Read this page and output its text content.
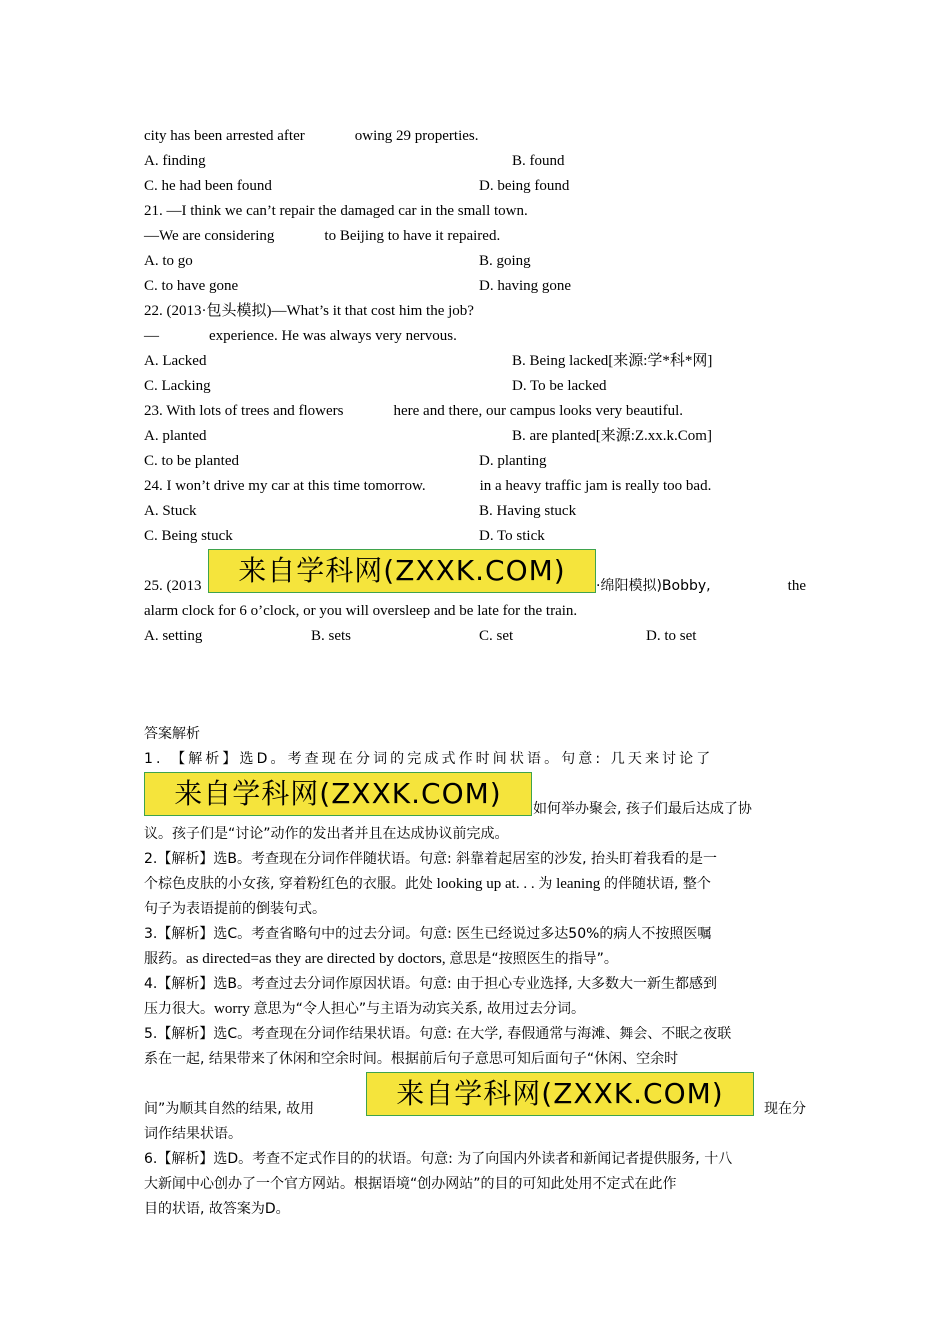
city has been arrested after	owing 29 properties.
A. finding	B. found
C. he had been found	D. being found
21. —I think we can’t repair the damaged car in the small town.
—We are considering	to Beijing to have it repaired.
A. to go	B. going
C. to have gone	D. having gone
22. (2013·包头模拟)—What’s it that cost him the job?
—	experience. He was always very nervous.
A. Lacked	B. Being lacked[来源:学*科*网]
C. Lacking	D. To be lacked
23. With lots of trees and flowers	here and there, our campus looks very beautiful.
A. planted	B. are planted[来源:Z.xx.k.Com]
C. to be planted	D. planting
24. I won’t drive my car at this time tomorrow.	in a heavy traffic jam is really too bad.
A. Stuck	B. Having stuck
C. Being stuck	D. To stick
25. (2013	来自学科网(ZXXK.COM)	·绵阳模拟)Bobby,	the
alarm clock for 6 o’clock, or you will oversleep and be late for the train.
A. setting	B. sets	C. set	D. to set
答案解析
1. 【解析】选D。考查现在分词的完成式作时间状语。句意: 几天来讨论了
来自学科网(ZXXK.COM)	如何举办聚会, 孩子们最后达成了协
议。孩子们是“讨论”动作的发出者并且在达成协议前完成。
2.【解析】选B。考查现在分词作伴随状语。句意: 斜靠着起居室的沙发, 抬头盯着我看的是一
个棕色皮肤的小女孩, 穿着粉红色的衣服。此处 looking up at. . . 为 leaning 的伴随状语, 整个
句子为表语提前的倒装句式。
3.【解析】选C。考查省略句中的过去分词。句意: 医生已经说过多达50%的病人不按照医嘱
服药。as directed=as they are directed by doctors, 意思是“按照医生的指导”。
4.【解析】选B。考查过去分词作原因状语。句意: 由于担心专业选择, 大多数大一新生都感到
压力很大。worry 意思为“令人担心”与主语为动宾关系, 故用过去分词。
5.【解析】选C。考查现在分词作结果状语。句意: 在大学, 春假通常与海滩、舞会、不眠之夜联
系在一起, 结果带来了休闲和空余时间。根据前后句子意思可知后面句子“休闲、空余时
间”为顺其自然的结果, 故用	来自学科网(ZXXK.COM)	现在分
词作结果状语。
6.【解析】选D。考查不定式作目的的状语。句意: 为了向国内外读者和新闻记者提供服务, 十八
大新闻中心创办了一个官方网站。根据语境“创办网站”的目的可知此处用不定式在此作
目的状语, 故答案为D。
